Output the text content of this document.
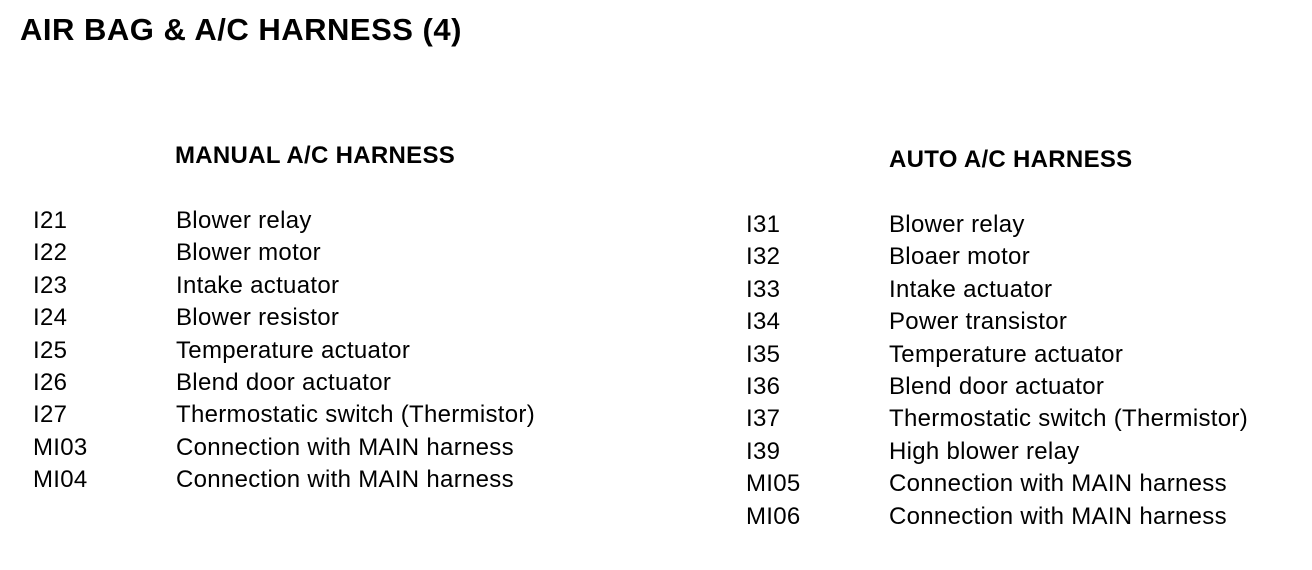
AIR BAG & A/C HARNESS (4)
MANUAL A/C HARNESS
I21	Blower relay
I22	Blower motor
I23	Intake actuator
I24	Blower resistor
I25	Temperature actuator
I26	Blend door actuator
I27	Thermostatic switch (Thermistor)
MI03	Connection with MAIN harness
MI04	Connection with MAIN harness
AUTO A/C HARNESS
I31	Blower relay
I32	Bloaer motor
I33	Intake actuator
I34	Power transistor
I35	Temperature actuator
I36	Blend door actuator
I37	Thermostatic switch (Thermistor)
I39	High blower relay
MI05	Connection with MAIN harness
MI06	Connection with MAIN harness
